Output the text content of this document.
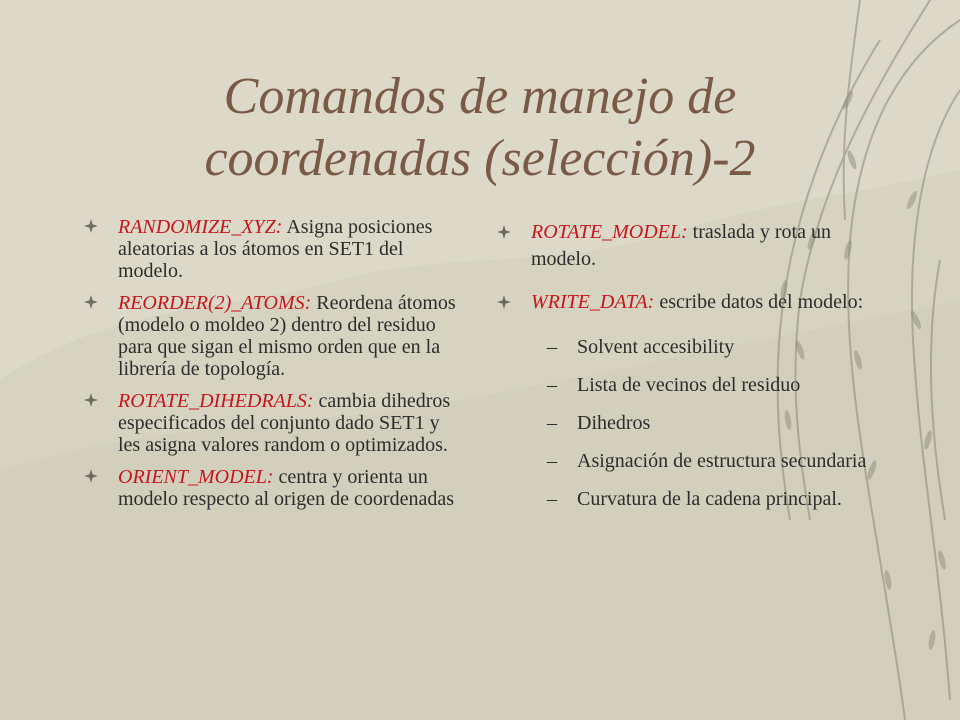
Comandos de manejo de
coordenadas (selección)-2
RANDOMIZE_XYZ: Asigna posiciones aleatorias a los átomos en SET1 del modelo.
REORDER(2)_ATOMS: Reordena átomos (modelo o moldeo 2) dentro del residuo para que sigan el mismo orden que en la librería de topología.
ROTATE_DIHEDRALS: cambia dihedros especificados del conjunto dado SET1 y les asigna valores random o optimizados.
ORIENT_MODEL: centra y orienta un modelo respecto al origen de coordenadas
ROTATE_MODEL: traslada y rota un modelo.
WRITE_DATA: escribe datos del modelo:
– Solvent accesibility
– Lista de vecinos del residuo
– Dihedros
– Asignación de estructura secundaria
– Curvatura de la cadena principal.
